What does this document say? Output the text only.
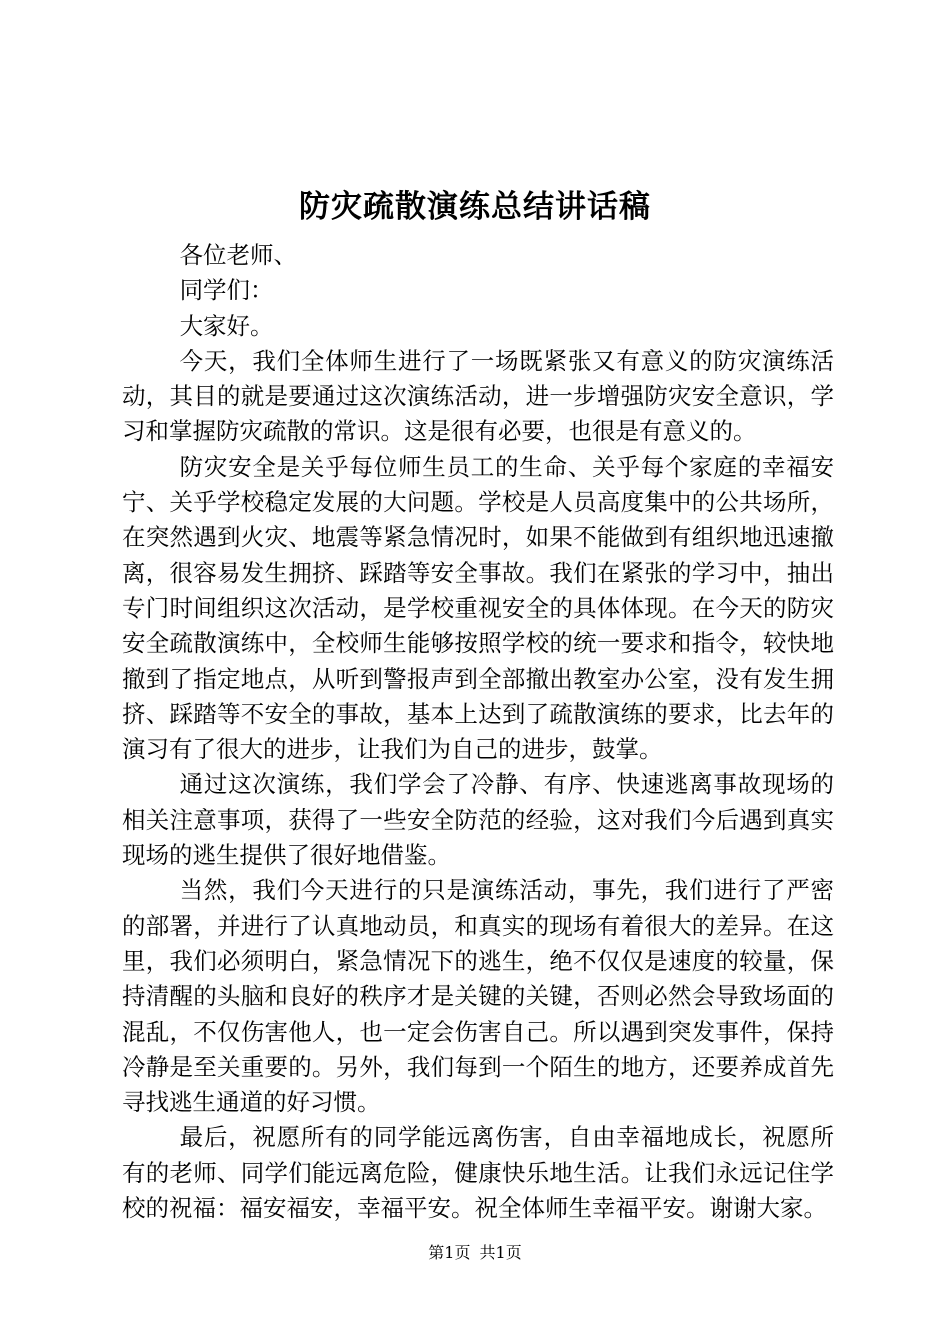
防灾疏散演练总结讲话稿

各位老师、

同学们：

大家好。

今天，我们全体师生进行了一场既紧张又有意义的防灾演练活动，其目的就是要通过这次演练活动，进一步增强防灾安全意识，学习和掌握防灾疏散的常识。这是很有必要，也很是有意义的。

防灾安全是关乎每位师生员工的生命、关乎每个家庭的幸福安宁、关乎学校稳定发展的大问题。学校是人员高度集中的公共场所，在突然遇到火灾、地震等紧急情况时，如果不能做到有组织地迅速撤离，很容易发生拥挤、踩踏等安全事故。我们在紧张的学习中，抽出专门时间组织这次活动，是学校重视安全的具体体现。在今天的防灾安全疏散演练中，全校师生能够按照学校的统一要求和指令，较快地撤到了指定地点，从听到警报声到全部撤出教室办公室，没有发生拥挤、踩踏等不安全的事故，基本上达到了疏散演练的要求，比去年的演习有了很大的进步，让我们为自己的进步，鼓掌。

通过这次演练，我们学会了冷静、有序、快速逃离事故现场的相关注意事项，获得了一些安全防范的经验，这对我们今后遇到真实现场的逃生提供了很好地借鉴。

当然，我们今天进行的只是演练活动，事先，我们进行了严密的部署，并进行了认真地动员，和真实的现场有着很大的差异。在这里，我们必须明白，紧急情况下的逃生，绝不仅仅是速度的较量，保持清醒的头脑和良好的秩序才是关键的关键，否则必然会导致场面的混乱，不仅伤害他人，也一定会伤害自己。所以遇到突发事件，保持冷静是至关重要的。另外，我们每到一个陌生的地方，还要养成首先寻找逃生通道的好习惯。

最后，祝愿所有的同学能远离伤害，自由幸福地成长，祝愿所有的老师、同学们能远离危险，健康快乐地生活。让我们永远记住学校的祝福：福安福安，幸福平安。祝全体师生幸福平安。谢谢大家。

第1页 共1页
